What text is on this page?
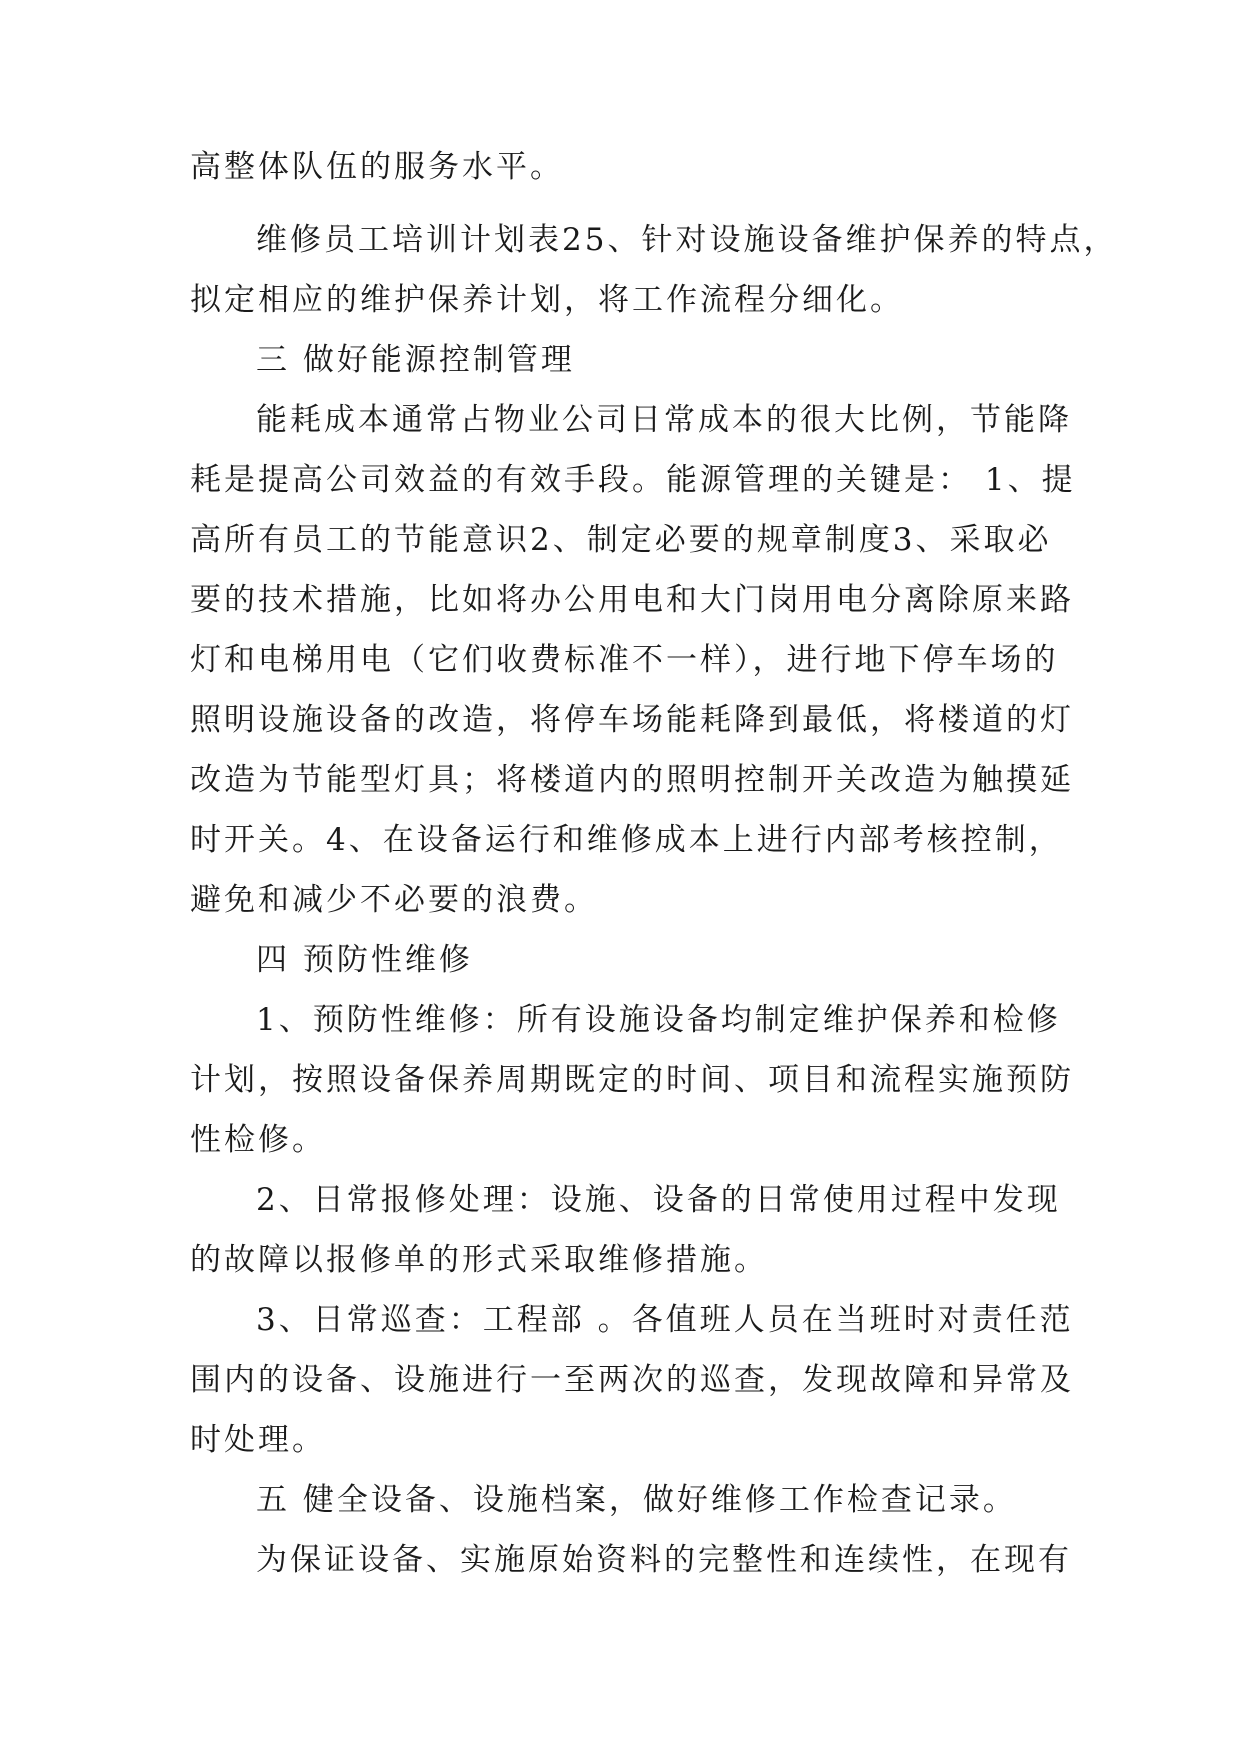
高整体队伍的服务水平。

维修员工培训计划表25、针对设施设备维护保养的特点，

拟定相应的维护保养计划，将工作流程分细化。

三 做好能源控制管理

能耗成本通常占物业公司日常成本的很大比例，节能降

耗是提高公司效益的有效手段。能源管理的关键是： 1、提

高所有员工的节能意识2、制定必要的规章制度3、采取必

要的技术措施，比如将办公用电和大门岗用电分离除原来路

灯和电梯用电（它们收费标准不一样），进行地下停车场的

照明设施设备的改造，将停车场能耗降到最低，将楼道的灯

改造为节能型灯具；将楼道内的照明控制开关改造为触摸延

时开关。4、在设备运行和维修成本上进行内部考核控制，

避免和减少不必要的浪费。

四 预防性维修

1、预防性维修：所有设施设备均制定维护保养和检修

计划，按照设备保养周期既定的时间、项目和流程实施预防

性检修。

2、日常报修处理：设施、设备的日常使用过程中发现

的故障以报修单的形式采取维修措施。

3、日常巡查：工程部 。各值班人员在当班时对责任范

围内的设备、设施进行一至两次的巡查，发现故障和异常及

时处理。

五 健全设备、设施档案，做好维修工作检查记录。

为保证设备、实施原始资料的完整性和连续性，在现有
